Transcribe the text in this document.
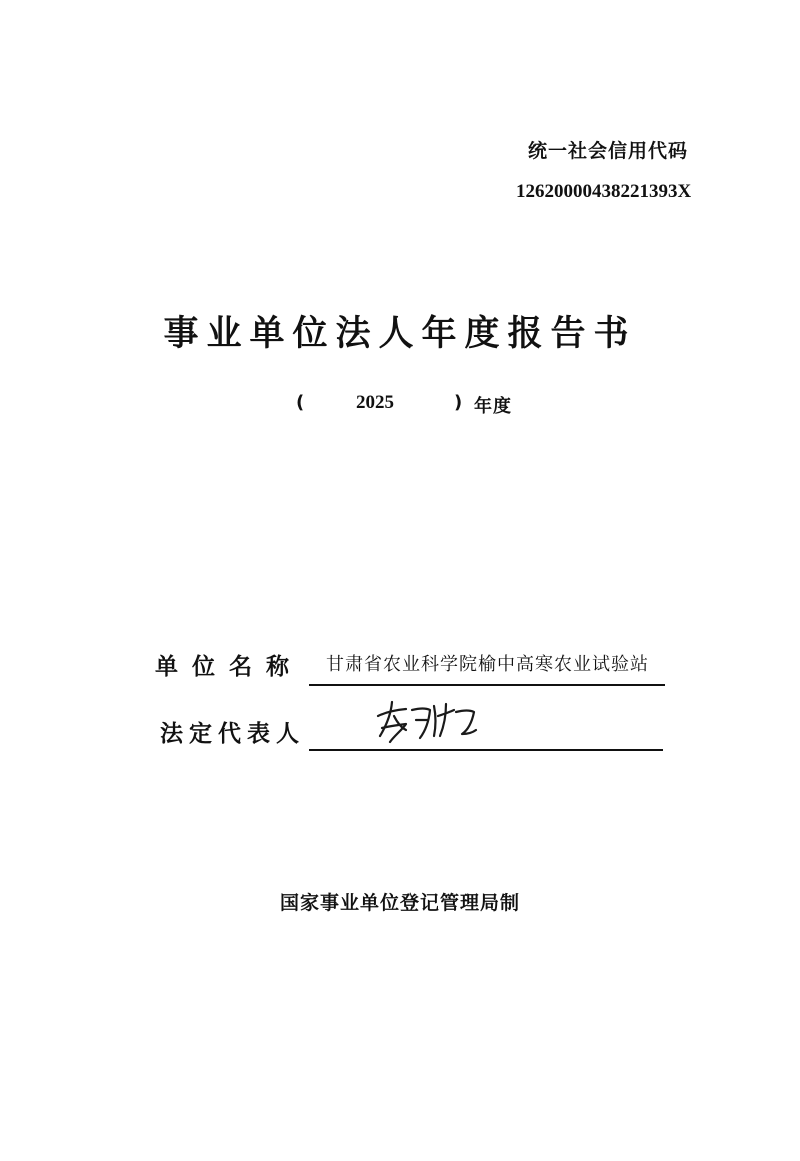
统一社会信用代码
12620000438221393X
事业单位法人年度报告书
(	2025	) 年度
单位名称 甘肃省农业科学院榆中高寒农业试验站
法定代表人
国家事业单位登记管理局制
